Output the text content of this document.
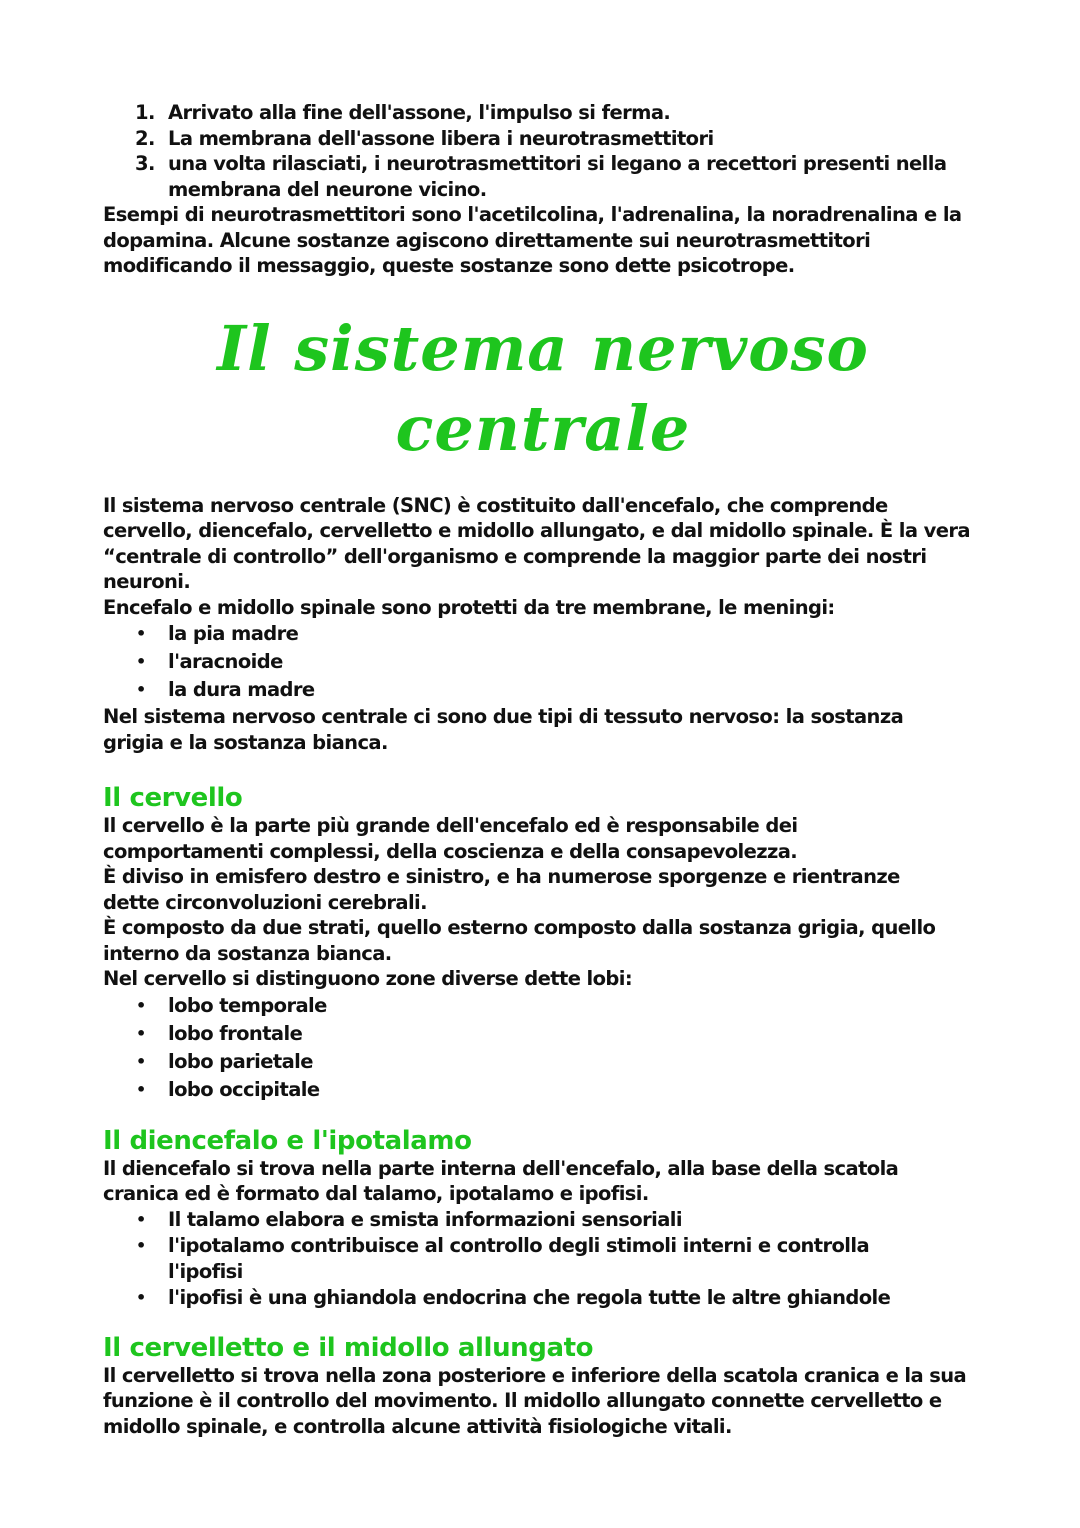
1. Arrivato alla fine dell'assone, l'impulso si ferma.
2. La membrana dell'assone libera i neurotrasmettitori
3. una volta rilasciati, i neurotrasmettitori si legano a recettori presenti nella membrana del neurone vicino.

Esempi di neurotrasmettitori sono l'acetilcolina, l'adrenalina, la noradrenalina e la dopamina. Alcune sostanze agiscono direttamente sui neurotrasmettitori modificando il messaggio, queste sostanze sono dette psicotrope.

Il sistema nervoso centrale

Il sistema nervoso centrale (SNC) è costituito dall'encefalo, che comprende cervello, diencefalo, cervelletto e midollo allungato, e dal midollo spinale. È la vera “centrale di controllo” dell'organismo e comprende la maggior parte dei nostri neuroni.

Encefalo e midollo spinale sono protetti da tre membrane, le meningi:

• la pia madre
• l'aracnoide
• la dura madre

Nel sistema nervoso centrale ci sono due tipi di tessuto nervoso: la sostanza grigia e la sostanza bianca.

Il cervello

Il cervello è la parte più grande dell'encefalo ed è responsabile dei comportamenti complessi, della coscienza e della consapevolezza.

È diviso in emisfero destro e sinistro, e ha numerose sporgenze e rientranze dette circonvoluzioni cerebrali.

È composto da due strati, quello esterno composto dalla sostanza grigia, quello interno da sostanza bianca.

Nel cervello si distinguono zone diverse dette lobi:

• lobo temporale
• lobo frontale
• lobo parietale
• lobo occipitale
Il diencefalo e l'ipotalamo

Il diencefalo si trova nella parte interna dell'encefalo, alla base della scatola cranica ed è formato dal talamo, ipotalamo e ipofisi.

• Il talamo elabora e smista informazioni sensoriali
• l'ipotalamo contribuisce al controllo degli stimoli interni e controlla l'ipofisi
• l'ipofisi è una ghiandola endocrina che regola tutte le altre ghiandole
Il cervelletto e il midollo allungato

Il cervelletto si trova nella zona posteriore e inferiore della scatola cranica e la sua funzione è il controllo del movimento. Il midollo allungato connette cervelletto e midollo spinale, e controlla alcune attività fisiologiche vitali.
